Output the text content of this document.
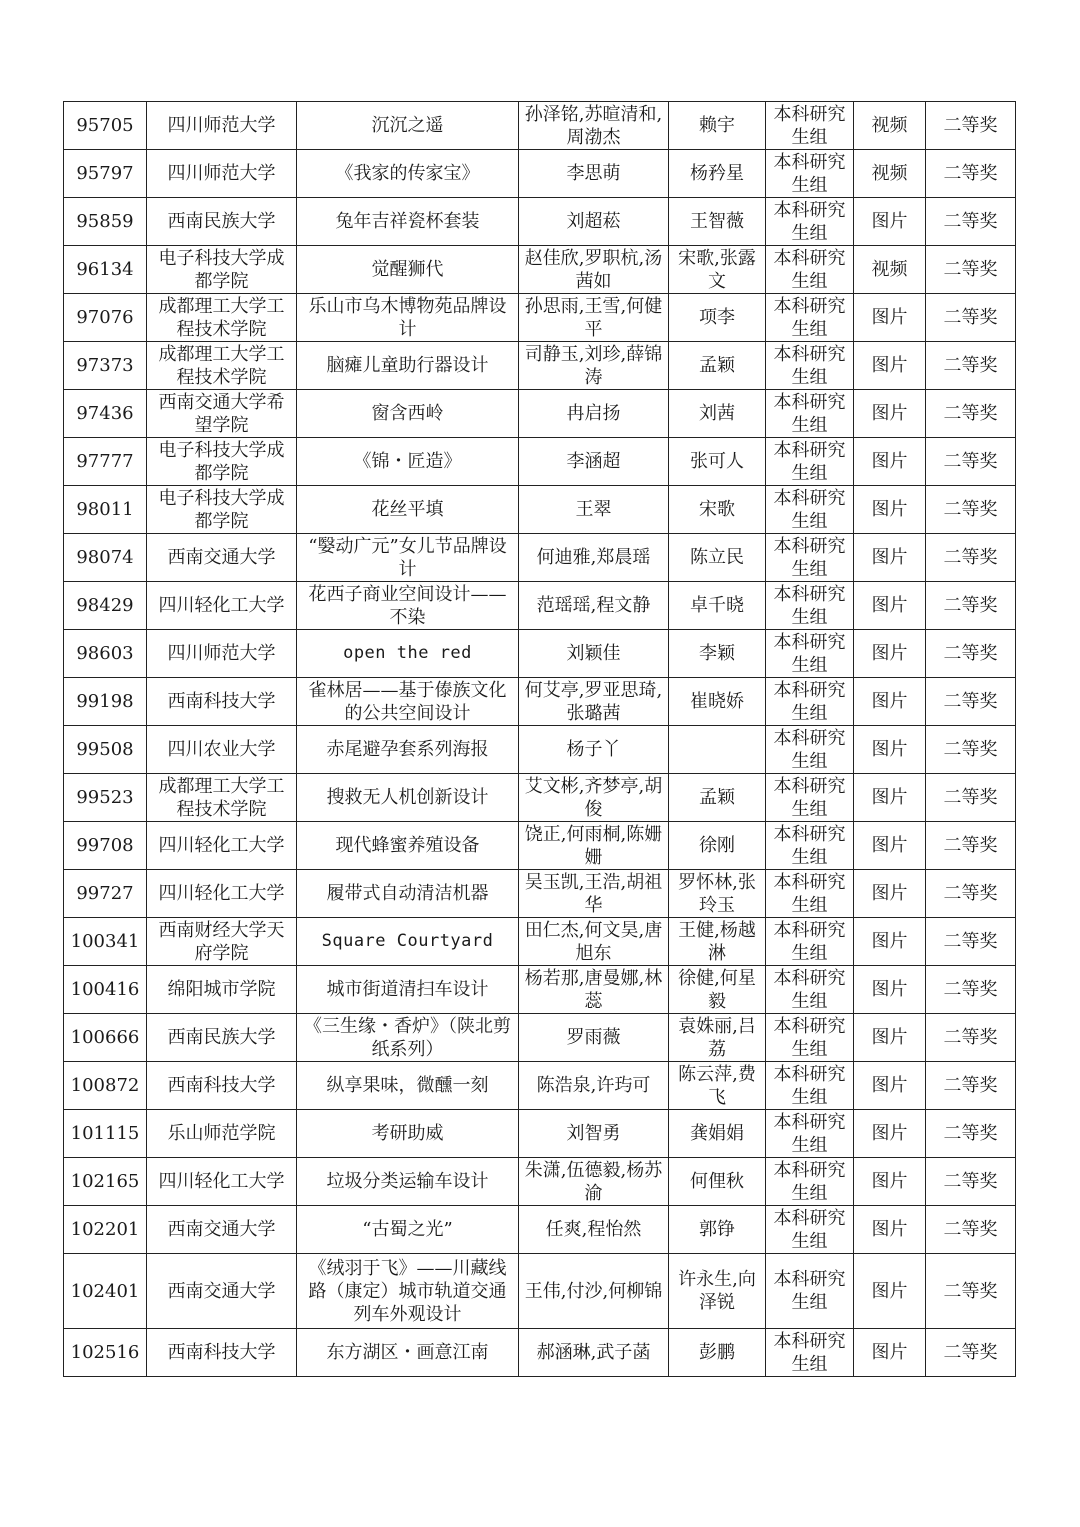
95705	四川师范大学	沉沉之遥	孙泽铭,苏暄清和,周渤杰	赖宇	本科研究生组	视频	二等奖
95797	四川师范大学	《我家的传家宝》	李思萌	杨矜星	本科研究生组	视频	二等奖
95859	西南民族大学	兔年吉祥瓷杯套装	刘超菘	王智薇	本科研究生组	图片	二等奖
96134	电子科技大学成都学院	觉醒狮代	赵佳欣,罗职杭,汤茜如	宋歌,张露文	本科研究生组	视频	二等奖
97076	成都理工大学工程技术学院	乐山市乌木博物苑品牌设计	孙思雨,王雪,何健平	项李	本科研究生组	图片	二等奖
97373	成都理工大学工程技术学院	脑瘫儿童助行器设计	司静玉,刘珍,薛锦涛	孟颖	本科研究生组	图片	二等奖
97436	西南交通大学希望学院	窗含西岭	冉启扬	刘茜	本科研究生组	图片	二等奖
97777	电子科技大学成都学院	《锦・匠造》	李涵超	张可人	本科研究生组	图片	二等奖
98011	电子科技大学成都学院	花丝平填	王翠	宋歌	本科研究生组	图片	二等奖
98074	西南交通大学	“嫛动广元”女儿节品牌设计	何迪雅,郑晨瑶	陈立民	本科研究生组	图片	二等奖
98429	四川轻化工大学	花西子商业空间设计——不染	范瑶瑶,程文静	卓千晓	本科研究生组	图片	二等奖
98603	四川师范大学	open the red	刘颖佳	李颖	本科研究生组	图片	二等奖
99198	西南科技大学	雀林居——基于傣族文化的公共空间设计	何艾亭,罗亚思琦,张璐茜	崔晓娇	本科研究生组	图片	二等奖
99508	四川农业大学	赤尾避孕套系列海报	杨子丫		本科研究生组	图片	二等奖
99523	成都理工大学工程技术学院	搜救无人机创新设计	艾文彬,齐梦亭,胡俊	孟颖	本科研究生组	图片	二等奖
99708	四川轻化工大学	现代蜂蜜养殖设备	饶正,何雨桐,陈姗姗	徐刚	本科研究生组	图片	二等奖
99727	四川轻化工大学	履带式自动清洁机器	吴玉凯,王浩,胡祖华	罗怀林,张玲玉	本科研究生组	图片	二等奖
100341	西南财经大学天府学院	Square Courtyard	田仁杰,何文昊,唐旭东	王健,杨越淋	本科研究生组	图片	二等奖
100416	绵阳城市学院	城市街道清扫车设计	杨若那,唐曼娜,林蕊	徐健,何星毅	本科研究生组	图片	二等奖
100666	西南民族大学	《三生缘・香炉》（陕北剪纸系列）	罗雨薇	袁姝丽,吕荔	本科研究生组	图片	二等奖
100872	西南科技大学	纵享果味，微醺一刻	陈浩泉,许玙可	陈云萍,费飞	本科研究生组	图片	二等奖
101115	乐山师范学院	考研助威	刘智勇	龚娟娟	本科研究生组	图片	二等奖
102165	四川轻化工大学	垃圾分类运输车设计	朱潇,伍德毅,杨苏渝	何俚秋	本科研究生组	图片	二等奖
102201	西南交通大学	“古蜀之光”	任爽,程怡然	郭铮	本科研究生组	图片	二等奖
102401	西南交通大学	《绒羽于飞》——川藏线路（康定）城市轨道交通列车外观设计	王伟,付沙,何柳锦	许永生,向泽锐	本科研究生组	图片	二等奖
102516	西南科技大学	东方湖区・画意江南	郝涵琳,武子菡	彭鹏	本科研究生组	图片	二等奖
